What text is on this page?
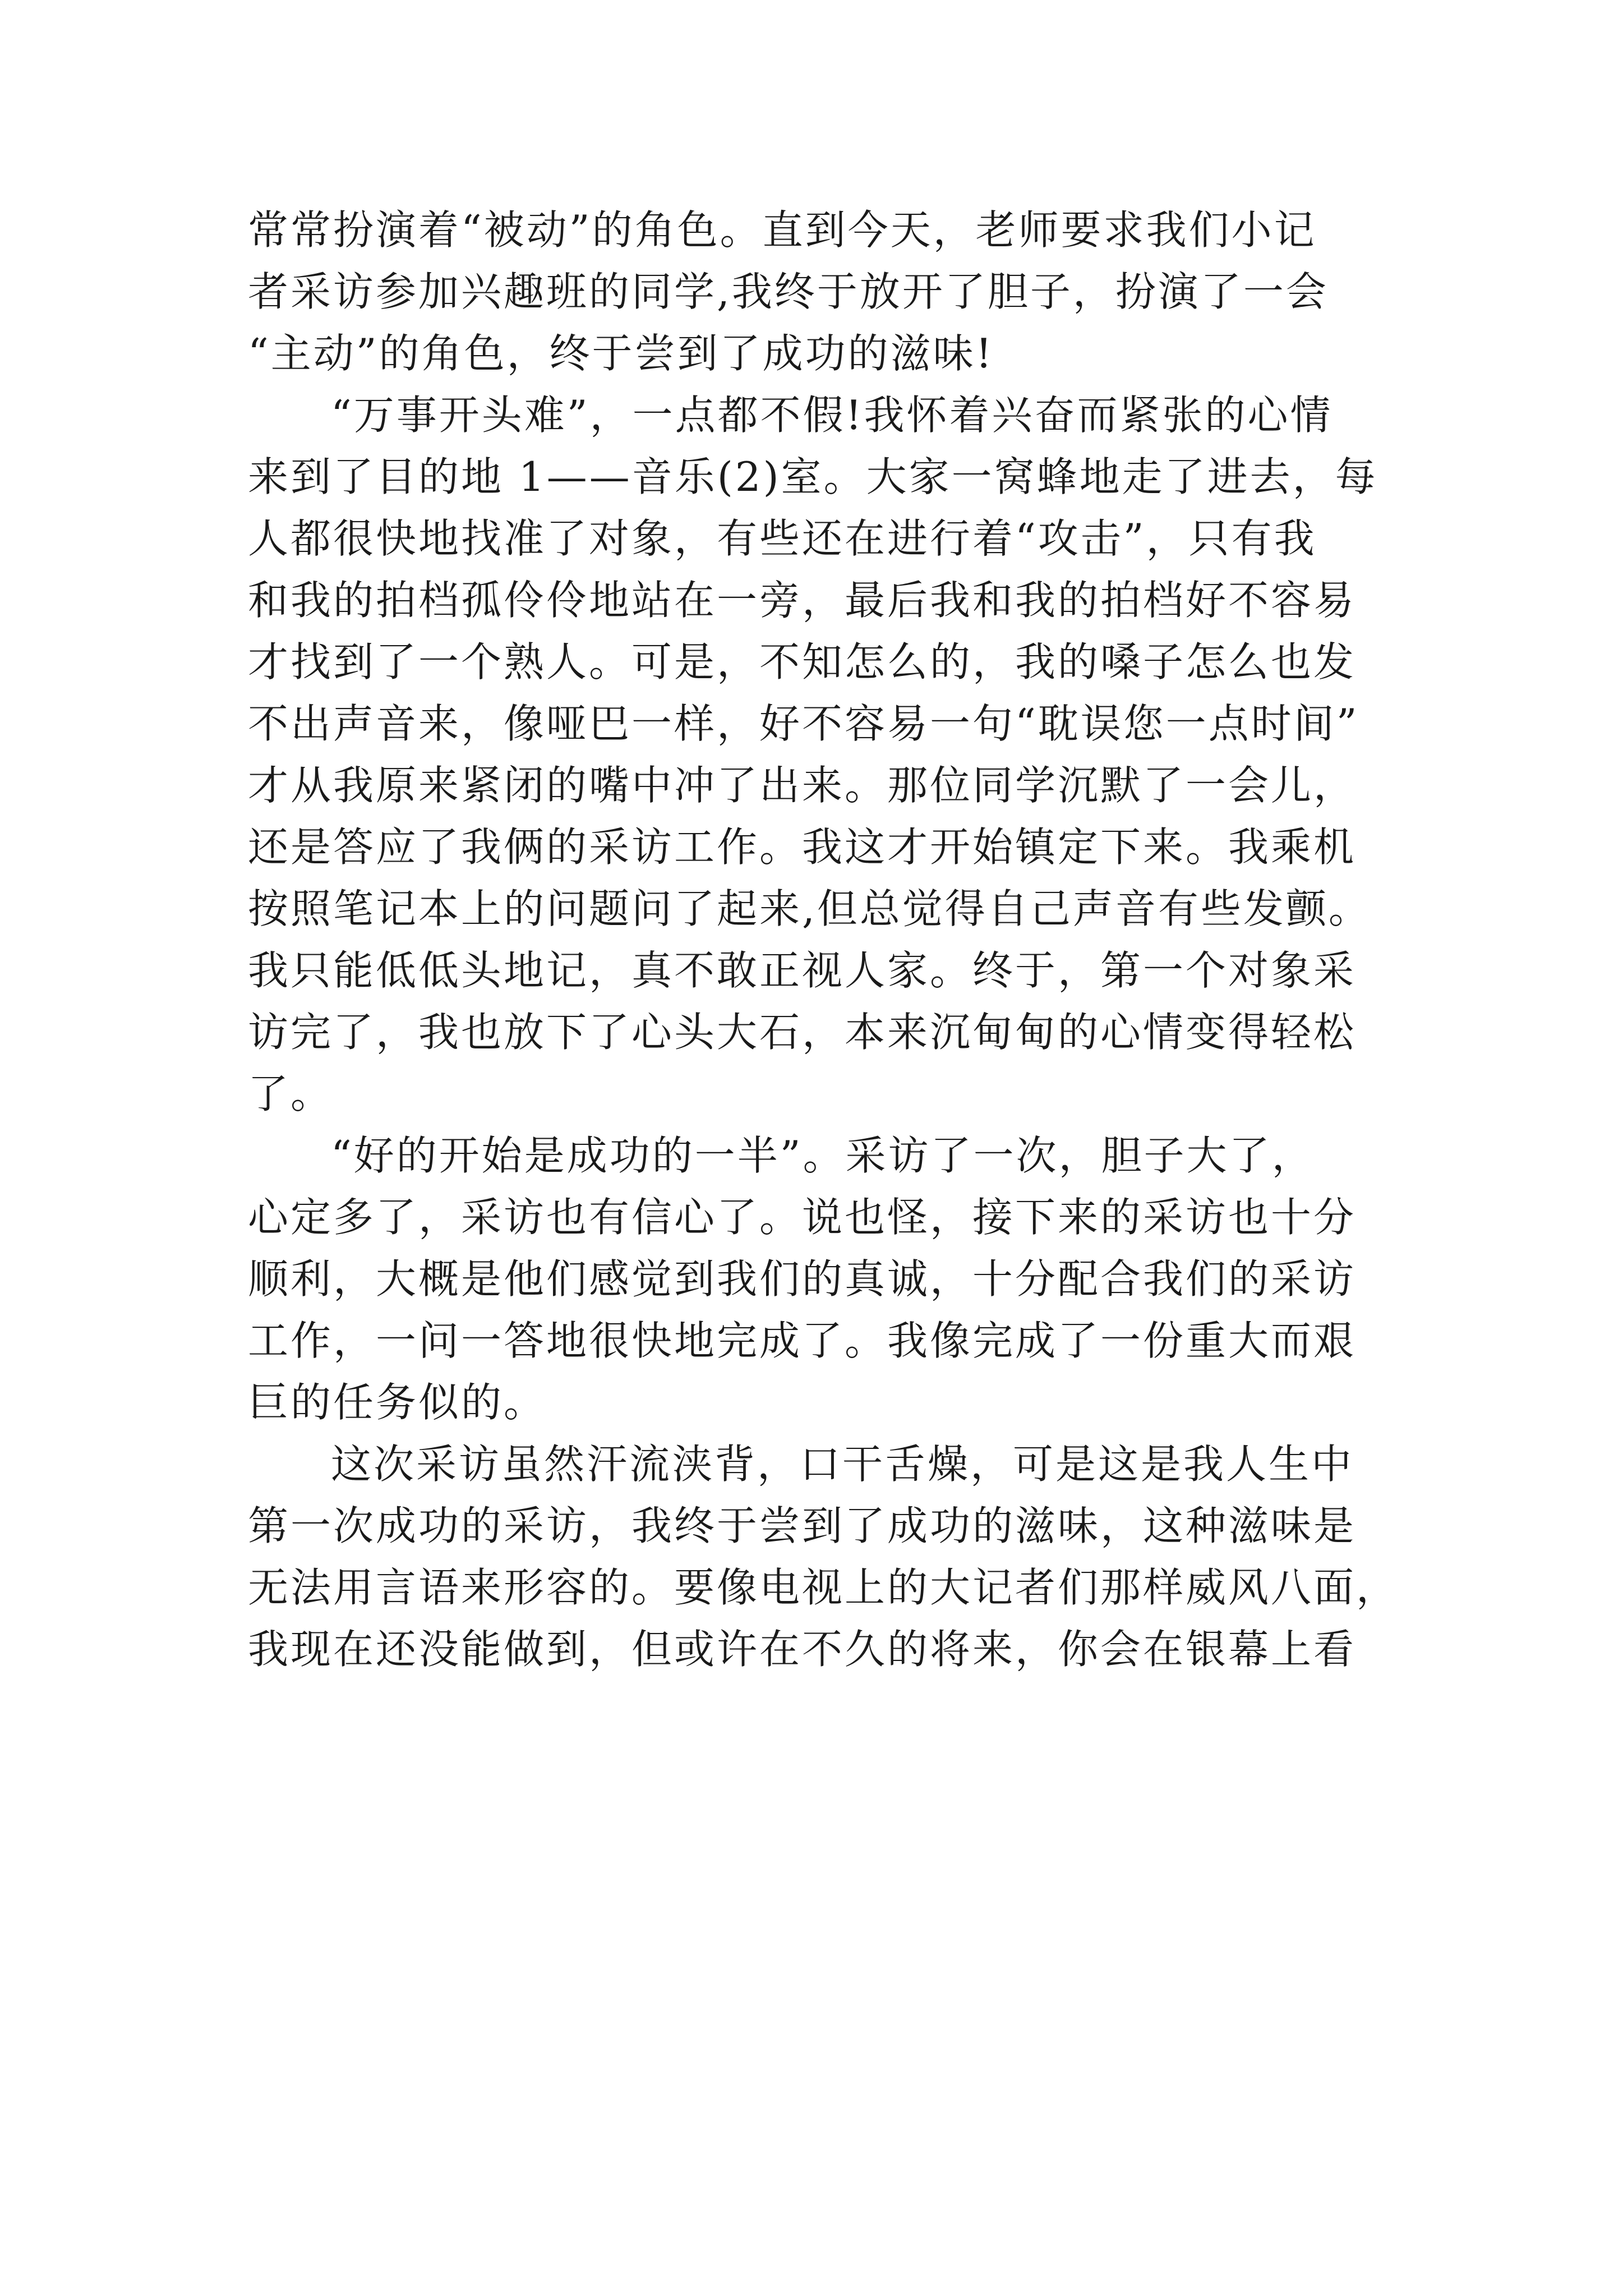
常常扮演着“被动”的角色。直到今天，老师要求我们小记
者采访参加兴趣班的同学,我终于放开了胆子，扮演了一会
“主动”的角色，终于尝到了成功的滋味!
“万事开头难”，一点都不假!我怀着兴奋而紧张的心情
来到了目的地 1——音乐(2)室。大家一窝蜂地走了进去，每
人都很快地找准了对象，有些还在进行着“攻击”，只有我
和我的拍档孤伶伶地站在一旁，最后我和我的拍档好不容易
才找到了一个熟人。可是，不知怎么的，我的嗓子怎么也发
不出声音来，像哑巴一样，好不容易一句“耽误您一点时间”
才从我原来紧闭的嘴中冲了出来。那位同学沉默了一会儿，
还是答应了我俩的采访工作。我这才开始镇定下来。我乘机
按照笔记本上的问题问了起来,但总觉得自己声音有些发颤。
我只能低低头地记，真不敢正视人家。终于，第一个对象采
访完了，我也放下了心头大石，本来沉甸甸的心情变得轻松
了。
“好的开始是成功的一半”。采访了一次，胆子大了，
心定多了，采访也有信心了。说也怪，接下来的采访也十分
顺利，大概是他们感觉到我们的真诚，十分配合我们的采访
工作，一问一答地很快地完成了。我像完成了一份重大而艰
巨的任务似的。
这次采访虽然汗流浃背，口干舌燥，可是这是我人生中
第一次成功的采访，我终于尝到了成功的滋味，这种滋味是
无法用言语来形容的。要像电视上的大记者们那样威风八面，
我现在还没能做到，但或许在不久的将来，你会在银幕上看
